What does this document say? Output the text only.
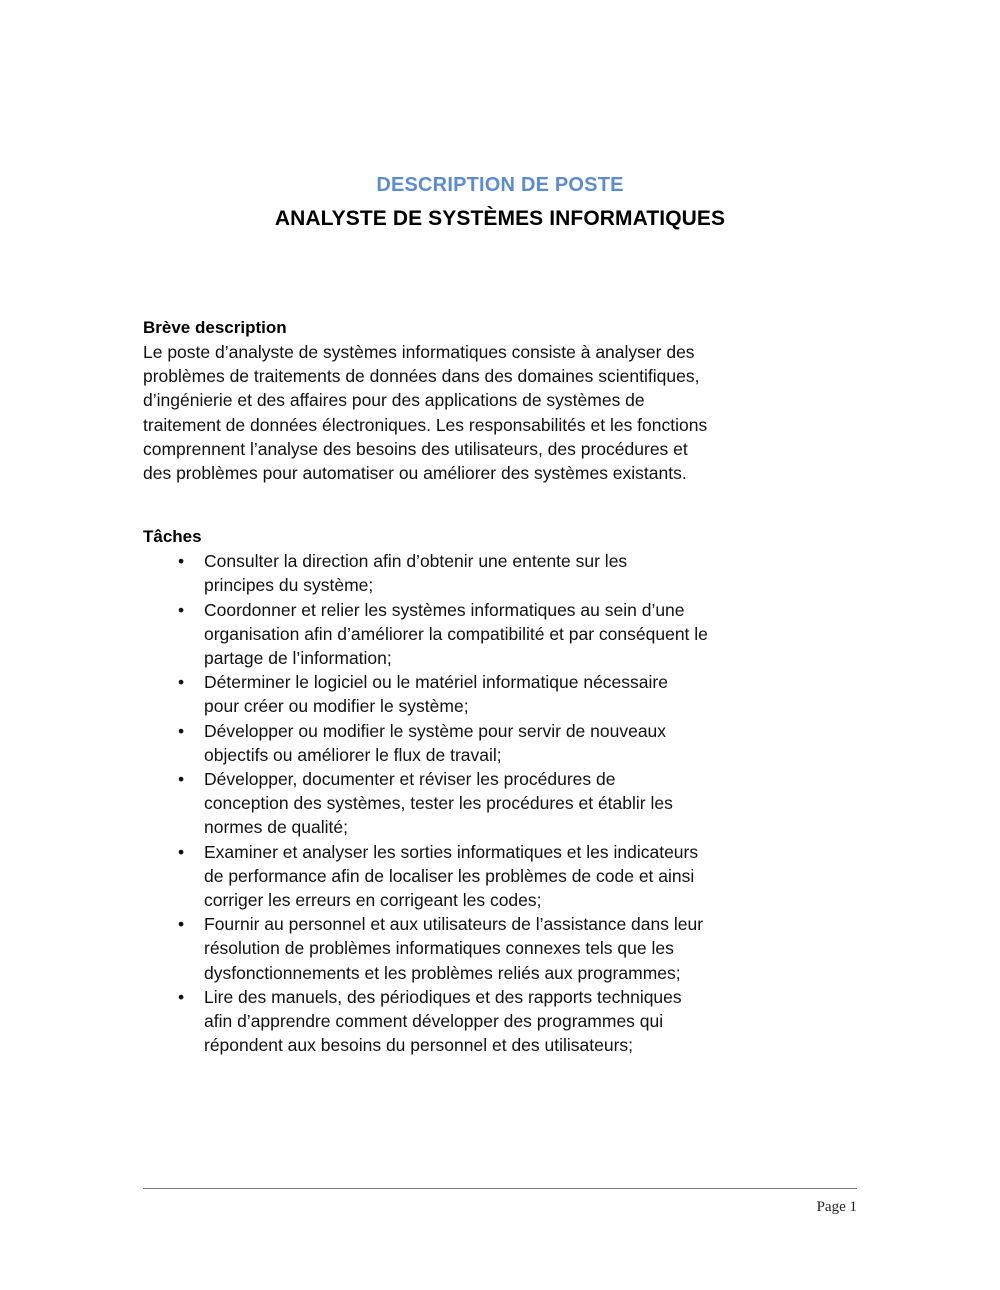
DESCRIPTION DE POSTE
ANALYSTE DE SYSTÈMES INFORMATIQUES
Brève description

Le poste d’analyste de systèmes informatiques consiste à analyser des problèmes de traitements de données dans des domaines scientifiques, d’ingénierie et des affaires pour des applications de systèmes de traitement de données électroniques. Les responsabilités et les fonctions comprennent l’analyse des besoins des utilisateurs, des procédures et des problèmes pour automatiser ou améliorer des systèmes existants.

Tâches
• Consulter la direction afin d’obtenir une entente sur les principes du système;
• Coordonner et relier les systèmes informatiques au sein d’une organisation afin d’améliorer la compatibilité et par conséquent le partage de l’information;
• Déterminer le logiciel ou le matériel informatique nécessaire pour créer ou modifier le système;
• Développer ou modifier le système pour servir de nouveaux objectifs ou améliorer le flux de travail;
• Développer, documenter et réviser les procédures de conception des systèmes, tester les procédures et établir les normes de qualité;
• Examiner et analyser les sorties informatiques et les indicateurs de performance afin de localiser les problèmes de code et ainsi corriger les erreurs en corrigeant les codes;
• Fournir au personnel et aux utilisateurs de l’assistance dans leur résolution de problèmes informatiques connexes tels que les dysfonctionnements et les problèmes reliés aux programmes;
• Lire des manuels, des périodiques et des rapports techniques afin d’apprendre comment développer des programmes qui répondent aux besoins du personnel et des utilisateurs;
Page 1
